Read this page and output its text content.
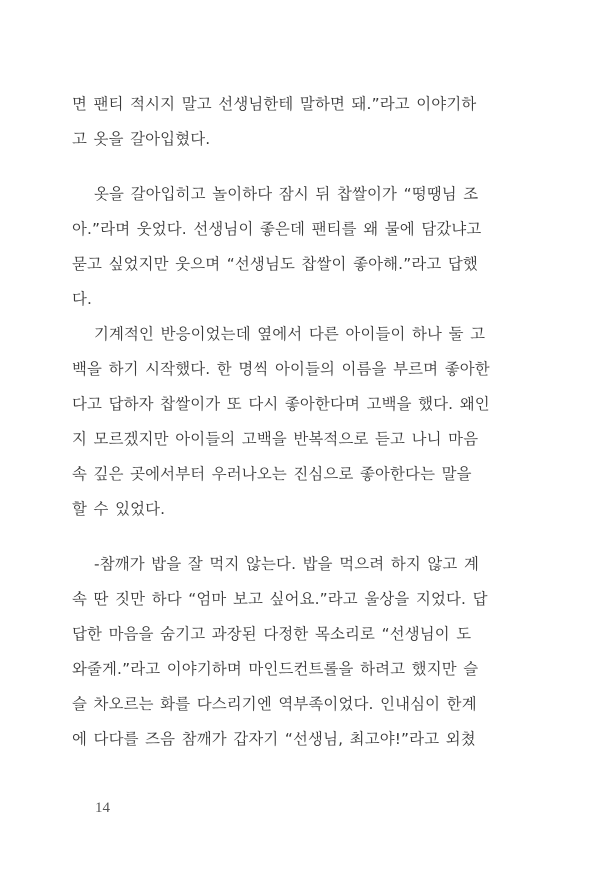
면 팬티 적시지 말고 선생님한테 말하면 돼.”라고 이야기하
고 옷을 갈아입혔다.
옷을 갈아입히고 놀이하다 잠시 뒤 찹쌀이가 “떵땡님 조
아.”라며 웃었다. 선생님이 좋은데 팬티를 왜 물에 담갔냐고
묻고 싶었지만 웃으며 “선생님도 찹쌀이 좋아해.”라고 답했
다.
기계적인 반응이었는데 옆에서 다른 아이들이 하나 둘 고
백을 하기 시작했다. 한 명씩 아이들의 이름을 부르며 좋아한
다고 답하자 찹쌀이가 또 다시 좋아한다며 고백을 했다. 왜인
지 모르겠지만 아이들의 고백을 반복적으로 듣고 나니 마음
속 깊은 곳에서부터 우러나오는 진심으로 좋아한다는 말을
할 수 있었다.
-참깨가 밥을 잘 먹지 않는다. 밥을 먹으려 하지 않고 계
속 딴 짓만 하다 “엄마 보고 싶어요.”라고 울상을 지었다. 답
답한 마음을 숨기고 과장된 다정한 목소리로 “선생님이 도
와줄게.”라고 이야기하며 마인드컨트롤을 하려고 했지만 슬
슬 차오르는 화를 다스리기엔 역부족이었다. 인내심이 한계
에 다다를 즈음 참깨가 갑자기 “선생님, 최고야!”라고 외쳤
14
